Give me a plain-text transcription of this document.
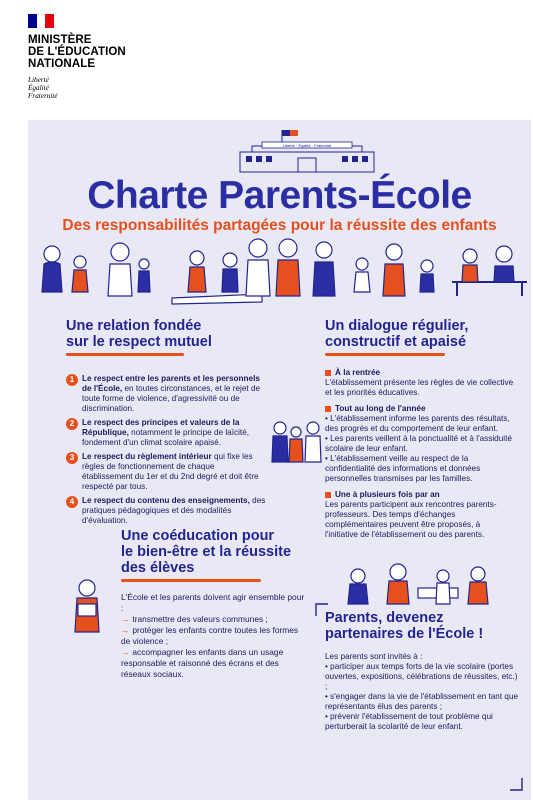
MINISTÈRE
DE L'ÉDUCATION
NATIONALE
Liberté
Égalité
Fraternité
Liberté · Égalité · Fraternité
Charte Parents-École
Des responsabilités partagées pour la réussite des enfants
Une relation fondée
sur le respect mutuel
1 Le respect entre les parents et les personnels de l'École, en toutes circonstances, et le rejet de toute forme de violence, d'agressivité ou de discrimination.
2 Le respect des principes et valeurs de la République, notamment le principe de laïcité, fondement d'un climat scolaire apaisé.
3 Le respect du règlement intérieur qui fixe les règles de fonctionnement de chaque établissement du 1er et du 2nd degré et doit être respecté par tous.
4 Le respect du contenu des enseignements, des pratiques pédagogiques et des modalités d'évaluation.
Un dialogue régulier,
constructif et apaisé
À la rentrée
L'établissement présente les règles de vie collective et les priorités éducatives.
Tout au long de l'année
• L'établissement informe les parents des résultats, des progrès et du comportement de leur enfant.
• Les parents veillent à la ponctualité et à l'assiduité scolaire de leur enfant.
• L'établissement veille au respect de la confidentialité des informations et données personnelles transmises par les familles.
Une à plusieurs fois par an
Les parents participent aux rencontres parents-professeurs. Des temps d'échanges complémentaires peuvent être proposés, à l'initiative de l'établissement ou des parents.
Une coéducation pour
le bien-être et la réussite
des élèves
L'École et les parents doivent agir ensemble pour :
→ transmettre des valeurs communes ;
→ protéger les enfants contre toutes les formes de violence ;
→ accompagner les enfants dans un usage responsable et raisonné des écrans et des réseaux sociaux.
Parents, devenez
partenaires de l'École !
Les parents sont invités à :
• participer aux temps forts de la vie scolaire (portes ouvertes, expositions, célébrations de réussites, etc.) ;
• s'engager dans la vie de l'établissement en tant que représentants élus des parents ;
• prévenir l'établissement de tout problème qui perturberait la scolarité de leur enfant.
